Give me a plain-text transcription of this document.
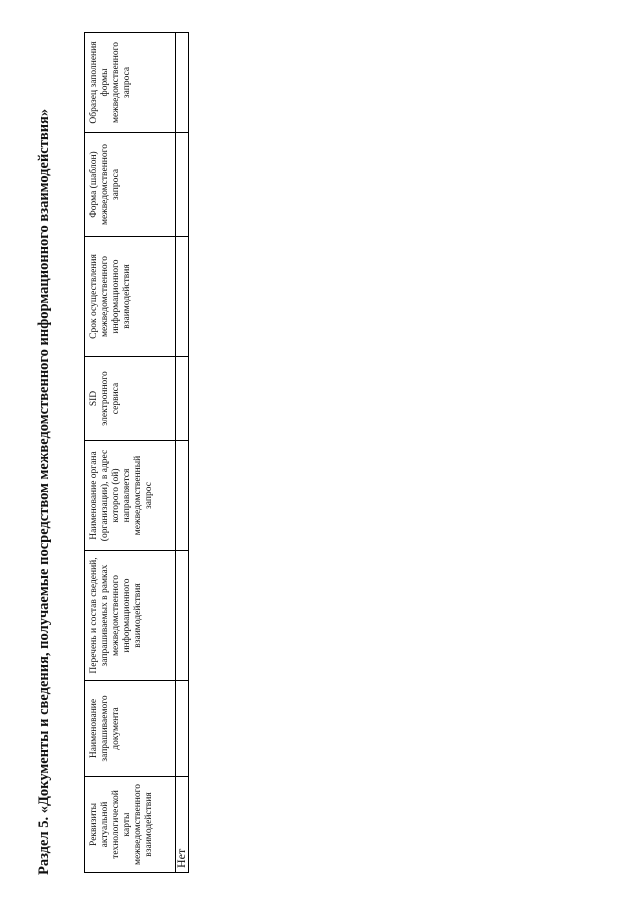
Раздел 5. «Документы и сведения, получаемые посредством межведомственного информационного взаимодействия»	Реквизиты актуальной технологической карты межведомственного взаимодействия	Наименование запрашиваемого документа	Перечень и состав сведений, запрашиваемых в рамках межведомственного информационного взаимодействия	Наименование органа (организации), в адрес которого (ой) направляется межведомственный запрос	SID электронного сервиса	Срок осуществления межведомственного информационного взаимодействия	Форма (шаблон) межведомственного запроса	Образец заполнения формы межведомственного запроса
Нет							
